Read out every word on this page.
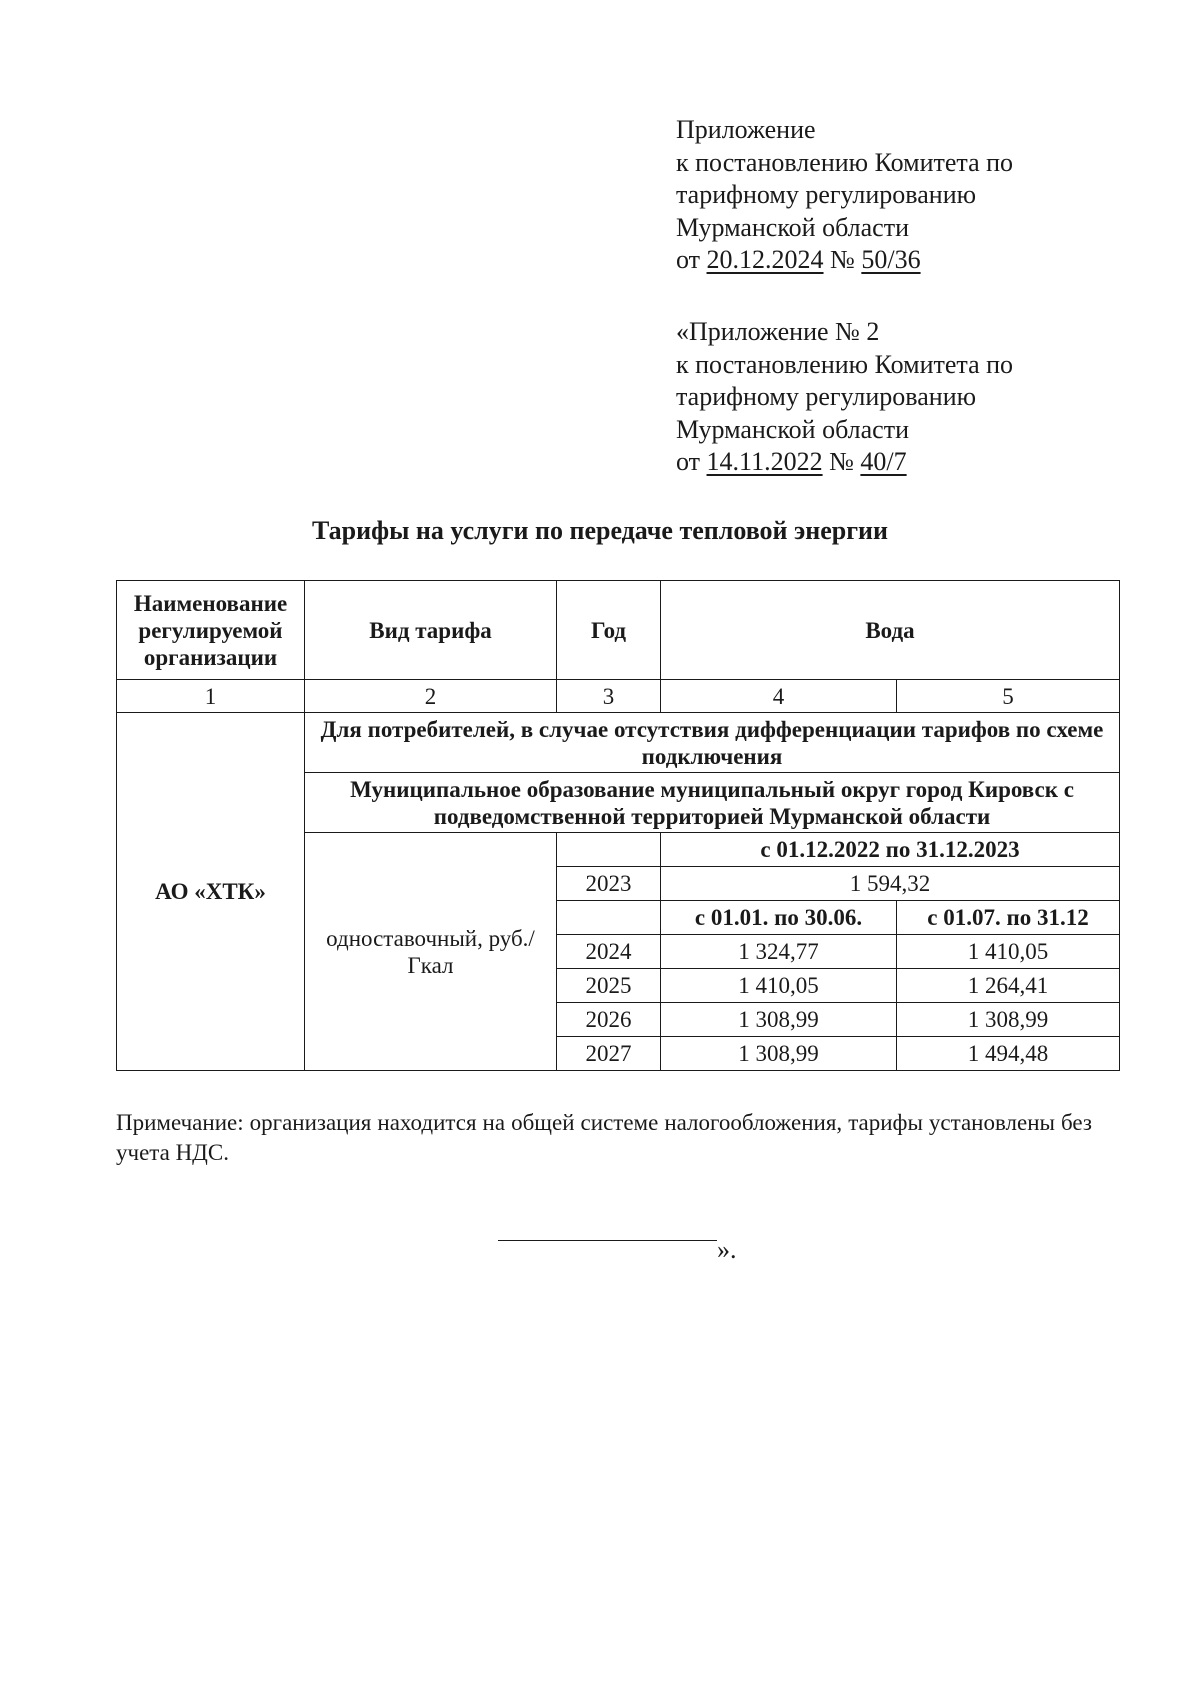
Приложение
к постановлению Комитета по
тарифному регулированию
Мурманской области
от 20.12.2024 № 50/36
«Приложение № 2
к постановлению Комитета по
тарифному регулированию
Мурманской области
от 14.11.2022 № 40/7
Тарифы на услуги по передаче тепловой энергии
Наименование регулируемой организации	Вид тарифа	Год	Вода	
1	2	3	4	5
АО «ХТК»	Для потребителей, в случае отсутствия дифференциации тарифов по схеме подключения			
	Муниципальное образование муниципальный округ город Кировск с подведомственной территорией Мурманской области			
	одноставочный, руб./Гкал		с 01.12.2022 по 31.12.2023	
		2023	1 594,32	
			с 01.01. по 30.06.	с 01.07. по 31.12
		2024	1 324,77	1 410,05
		2025	1 410,05	1 264,41
		2026	1 308,99	1 308,99
		2027	1 308,99	1 494,48
Примечание: организация находится на общей системе налогообложения, тарифы установлены без учета НДС.
».
